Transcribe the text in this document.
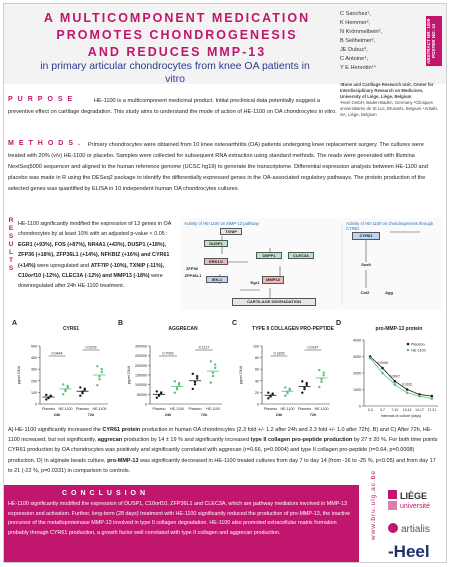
A MULTICOMPONENT MEDICATION
PROMOTES CHONDROGENESIS
AND REDUCES MMP-13
in primary articular chondrocytes from knee OA patients in vitro
C Sanchez¹,
K Hemmer²,
N Krömmelbein²,
B Seilheimer²,
JE Dubuc³,
C Antoine⁴,
Y E Henrotin¹⁴
ABSTRACT NR: 1009 POSTER NO: 44
¹Bone and Cartilage Research Unit, Center for Interdisciplinary Research on Medicines, University of Liège, Liège, Belgium
²Heel GmbH, Baden-Baden, Germany ³Cliniques universitaires de St Luc, Brussels, Belgium ⁴Artialis SA, Liège, Belgium
PURPOSE	HE-1100 is a multicomponent medicinal product. Initial preclinical data potentially suggest a preventive effect on cartilage degradation. This study aims to understand the mode of action of HE-1100 on OA chondrocytes in vitro.
METHODS. Primary chondrocytes were obtained from 10 knee osteoarthritis (OA) patients undergoing knee replacement surgery. The cultures were treated with 20% (v/v) HE-1100 or placebo. Samples were collected for subsequent RNA extraction using standard methods. The reads were generated with Illumina NextSeq5000 sequencer and aligned to the human reference genome (UCSC hg19) to generate the transcriptome. Differential expression analysis between HE-1100 and placebo was made in R using the DESeq2 package to identify the differentially expressed genes in the OA-associated regulatory pathways. The protein production of the selected genes was quantified by ELISA in 10 independent human OA chondrocytes cultures.
R
E
S
U
L
T
S
HE-1100 significantly modified the expression of 13 genes in OA chondrocytes by at least 10% with an adjusted p-value < 0.05 : EGR1 (+93%), FOS (+87%), NR4A1 (+43%), DUSP1 (+18%), ZFP36 (+18%), ZFP36L1 (+14%), NFKBIZ (+16%) and CYR61 (+14%) were upregulated and ATF7IP (-10%), TXNIP (-11%), C10orf10 (-12%), CLEC3A (-12%) and MMP13 (-18%) were downregulated after 24h HE-1100 treatment.
Activity of HE-1100 on MMP-13 pathway	Activity of HE-1100 on chondrogenesis through CYR61
TXNIP
DUSP1
ERK1/2
DEPP1	CLEC3A
ZFP36
ZFP36L1
IEN-1
Egr1
MMP13
CARTILAGE DEGRADATION
CYR61
Sox9
Col2	Agg
A	B	C	D
CYR61
0
100
200
300
400
500
pg/ml DNA
Placebo HE-1100 Placebo HE-1100
24h	72h
0.0444
0.0239
AGGRECAN
0
50000
100000
150000
200000
250000
300000
pg/ml DNA
Placebo HE-1100 Placebo HE-1100
24h	72h
0.7093
0.1117
TYPE II COLLAGEN PRO-PEPTIDE
0
20
40
60
80
100
pg/ml DNA
Placebo HE-1100 Placebo HE-1100
24h	72h
0.1825
0.0147
pro-MMP-13 protein
0
1000
2000
3000
4000
0-3 3-7 7-10 10-14 14-17 17-21
Intervals of culture (days)
Placebo
HE-1100
0.0006
0.0007
0.0331
A) HE-1100 significantly increased the CYR61 protein production in human OA chondrocytes (2.3 fold +/- 1.2 after 24h and 2.3 fold +/- 1.0 after 72h). B) and C) After 72h, HE-1100 increased, but not significantly, aggrecan production by 14 ± 19 % and significantly increased type II collagen pro-peptide production by 27 ± 20 %. For both time points CYR61 production by OA chondrocytes was positively and significantly correlated with aggrecan (r=0.66, p=0.0004) and type II collagen pro-peptide (r=0.64, p=0.0008) production. D) In alginate beads culture, pro-MMP-13 was significantly decreased in HE-1100 treated cultures from day 7 to day 14 (from -16 to -25 %, p<0.05) and from day 17 to 21 (-22 %, p=0.0331) in comparison to controls.
CONCLUSION
HE-1100 significantly modified the expression of DUSP1, C10orf10, ZFP36L1 and CLEC3A, which are pathway mediators involved in MMP-13 expression and activation. Further, long-term (28 days) treatment with HE-1100 significantly reduced the production of pro-MMP-13, the inactive precursor of the metalloproteinase MMP-13 involved in type II collagen degradation. HE-1100 also promoted extracellular matrix formation probably through CYR61 production, a growth factor well correlated with type II collagen and aggrecan production.	www.bru.ulg.ac.be	LIÈGE
université
artialis
-Heel
